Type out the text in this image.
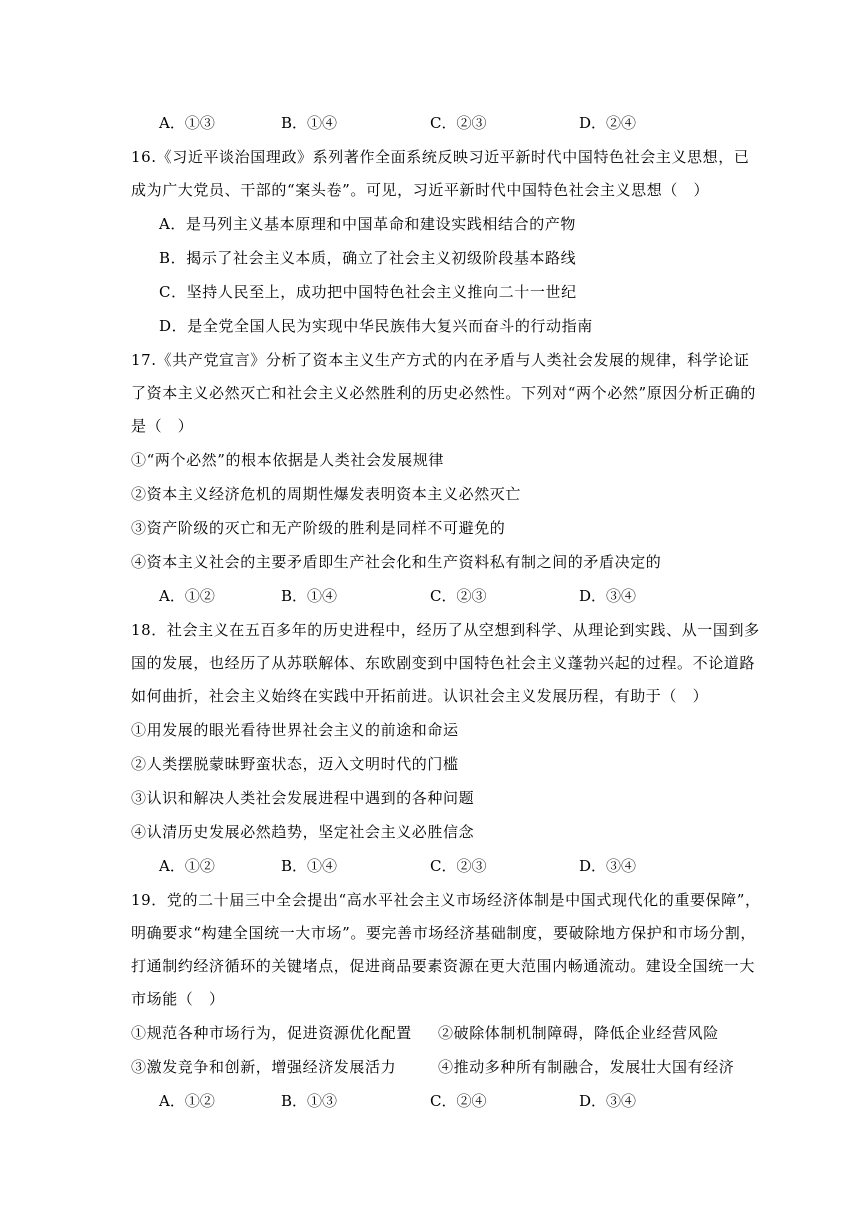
A．①③	B．①④	C．②③	D．②④
16.《习近平谈治国理政》系列著作全面系统反映习近平新时代中国特色社会主义思想，已
成为广大党员、干部的“案头卷”。可见，习近平新时代中国特色社会主义思想（　）
A．是马列主义基本原理和中国革命和建设实践相结合的产物
B．揭示了社会主义本质，确立了社会主义初级阶段基本路线
C．坚持人民至上，成功把中国特色社会主义推向二十一世纪
D．是全党全国人民为实现中华民族伟大复兴而奋斗的行动指南
17.《共产党宣言》分析了资本主义生产方式的内在矛盾与人类社会发展的规律，科学论证
了资本主义必然灭亡和社会主义必然胜利的历史必然性。下列对“两个必然”原因分析正确的
是（　）
①“两个必然”的根本依据是人类社会发展规律
②资本主义经济危机的周期性爆发表明资本主义必然灭亡
③资产阶级的灭亡和无产阶级的胜利是同样不可避免的
④资本主义社会的主要矛盾即生产社会化和生产资料私有制之间的矛盾决定的
A．①②	B．①④	C．②③	D．③④
18．社会主义在五百多年的历史进程中，经历了从空想到科学、从理论到实践、从一国到多
国的发展，也经历了从苏联解体、东欧剧变到中国特色社会主义蓬勃兴起的过程。不论道路
如何曲折，社会主义始终在实践中开拓前进。认识社会主义发展历程，有助于（　）
①用发展的眼光看待世界社会主义的前途和命运
②人类摆脱蒙昧野蛮状态，迈入文明时代的门槛
③认识和解决人类社会发展进程中遇到的各种问题
④认清历史发展必然趋势，坚定社会主义必胜信念
A．①②	B．①④	C．②③	D．③④
19．党的二十届三中全会提出“高水平社会主义市场经济体制是中国式现代化的重要保障”，
明确要求“构建全国统一大市场”。要完善市场经济基础制度，要破除地方保护和市场分割，
打通制约经济循环的关键堵点，促进商品要素资源在更大范围内畅通流动。建设全国统一大
市场能（　）
①规范各种市场行为，促进资源优化配置 ②破除体制机制障碍，降低企业经营风险
③激发竞争和创新，增强经济发展活力	④推动多种所有制融合，发展壮大国有经济
A．①②	B．①③	C．②④	D．③④
